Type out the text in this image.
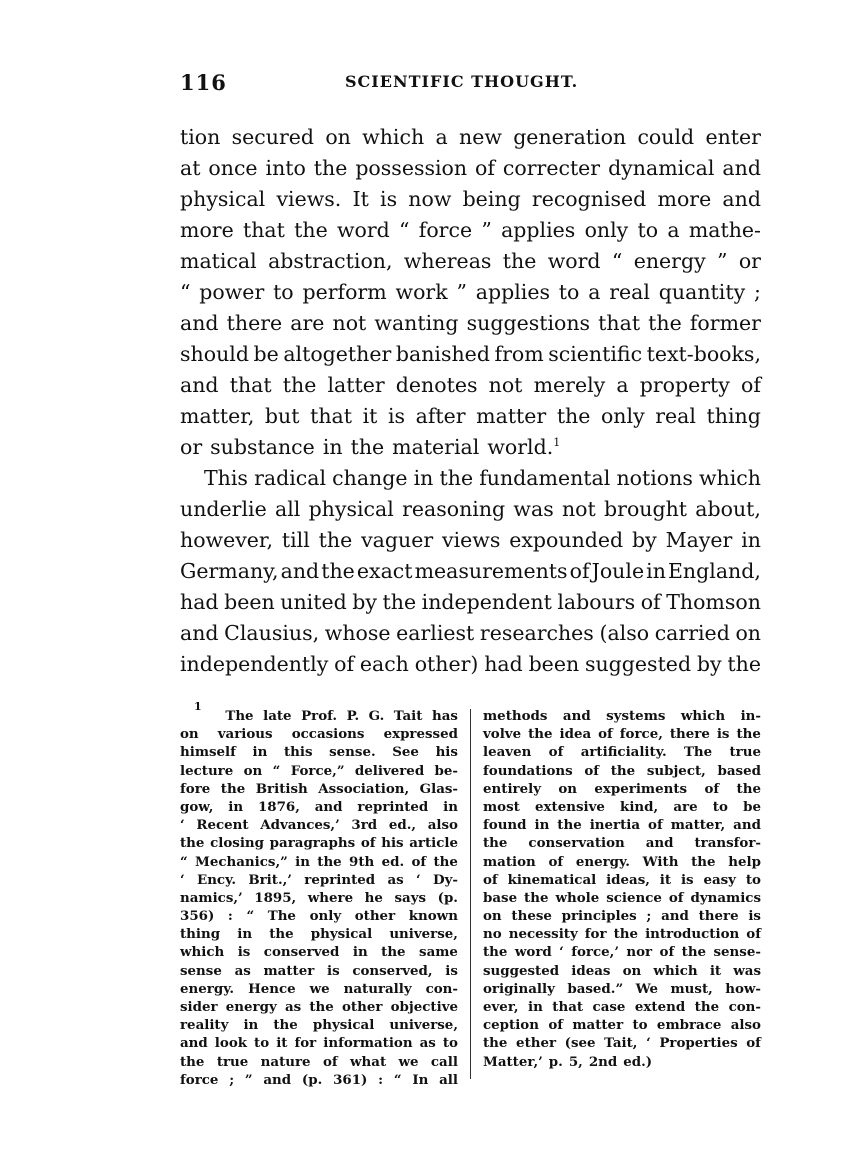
116	SCIENTIFIC THOUGHT.
tion secured on which a new generation could enter
at once into the possession of correcter dynamical and
physical views. It is now being recognised more and
more that the word “ force ” applies only to a mathe-
matical abstraction, whereas the word “ energy ” or
“ power to perform work ” applies to a real quantity ;
and there are not wanting suggestions that the former
should be altogether banished from scientific text-books,
and that the latter denotes not merely a property of
matter, but that it is after matter the only real thing
or substance in the material world.$^1$
This radical change in the fundamental notions which
underlie all physical reasoning was not brought about,
however, till the vaguer views expounded by Mayer in
Germany, and the exact measurements of Joule in England,
had been united by the independent labours of Thomson
and Clausius, whose earliest researches (also carried on
independently of each other) had been suggested by the
1

The late Prof. P. G. Tait has
on various occasions expressed
himself in this sense. See his
lecture on “ Force,” delivered be-
fore the British Association, Glas-
gow, in 1876, and reprinted in
‘ Recent Advances,’ 3rd ed., also
the closing paragraphs of his article
“ Mechanics,” in the 9th ed. of the
‘ Ency. Brit.,’ reprinted as ‘ Dy-
namics,’ 1895, where he says (p.
356) : “ The only other known
thing in the physical universe,
which is conserved in the same
sense as matter is conserved, is
energy. Hence we naturally con-
sider energy as the other objective
reality in the physical universe,
and look to it for information as to
the true nature of what we call
force ; ” and (p. 361) : “ In all
methods and systems which in-
volve the idea of force, there is the
leaven of artificiality. The true
foundations of the subject, based
entirely on experiments of the
most extensive kind, are to be
found in the inertia of matter, and
the conservation and transfor-
mation of energy. With the help
of kinematical ideas, it is easy to
base the whole science of dynamics
on these principles ; and there is
no necessity for the introduction of
the word ‘ force,’ nor of the sense-
suggested ideas on which it was
originally based.” We must, how-
ever, in that case extend the con-
ception of matter to embrace also
the ether (see Tait, ‘ Properties of
Matter,’ p. 5, 2nd ed.)
